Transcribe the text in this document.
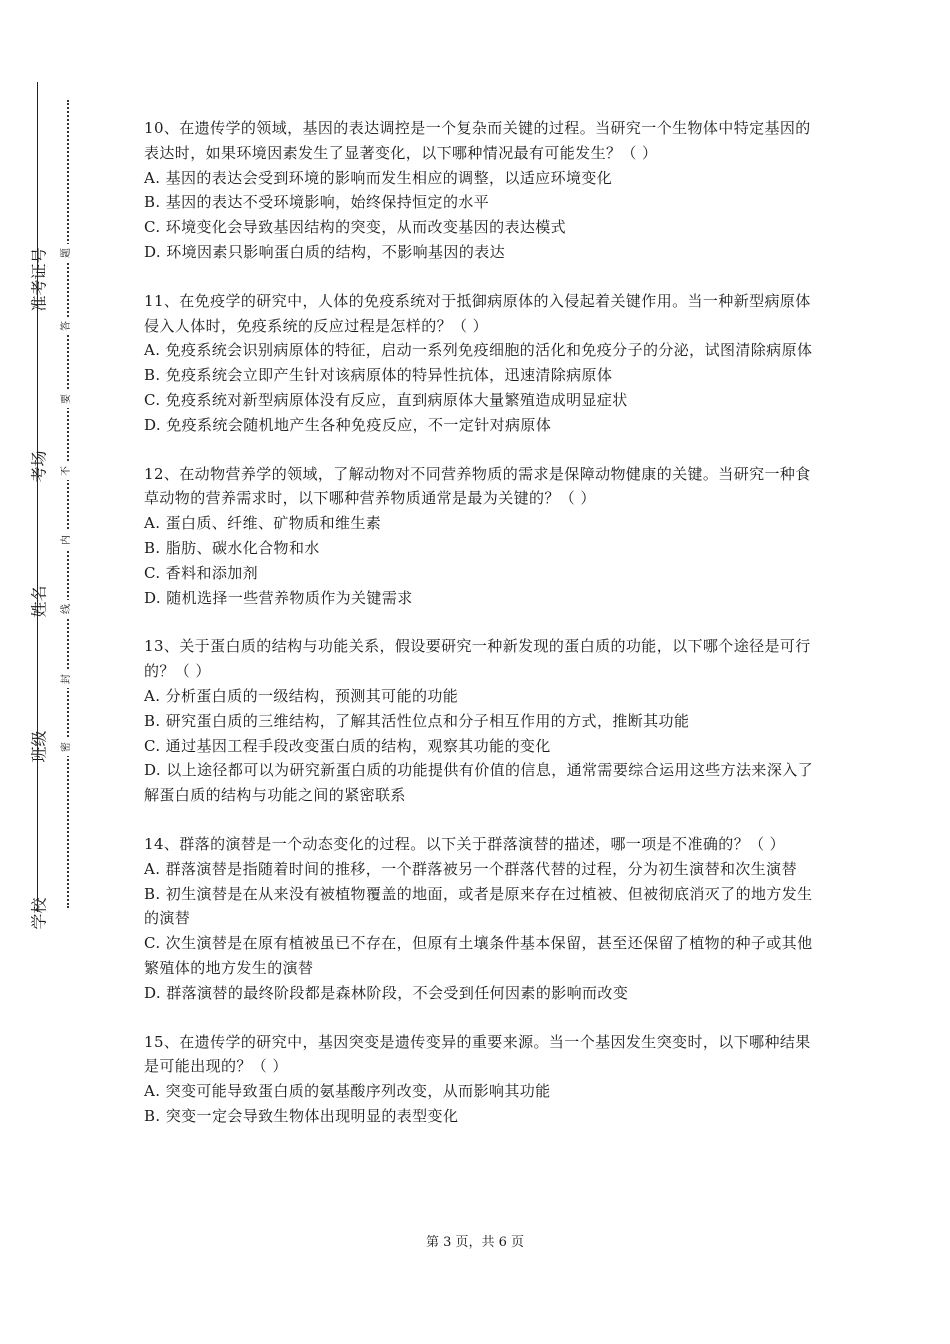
学校
班级
姓名
考场
准考证号
密
封
线
内
不
要
答
题

10、在遗传学的领域，基因的表达调控是一个复杂而关键的过程。当研究一个生物体中特定基因的表达时，如果环境因素发生了显著变化，以下哪种情况最有可能发生？（ ）

A. 基因的表达会受到环境的影响而发生相应的调整，以适应环境变化

B. 基因的表达不受环境影响，始终保持恒定的水平

C. 环境变化会导致基因结构的突变，从而改变基因的表达模式

D. 环境因素只影响蛋白质的结构，不影响基因的表达

11、在免疫学的研究中，人体的免疫系统对于抵御病原体的入侵起着关键作用。当一种新型病原体侵入人体时，免疫系统的反应过程是怎样的？（ ）

A. 免疫系统会识别病原体的特征，启动一系列免疫细胞的活化和免疫分子的分泌，试图清除病原体

B. 免疫系统会立即产生针对该病原体的特异性抗体，迅速清除病原体

C. 免疫系统对新型病原体没有反应，直到病原体大量繁殖造成明显症状

D. 免疫系统会随机地产生各种免疫反应，不一定针对病原体

12、在动物营养学的领域，了解动物对不同营养物质的需求是保障动物健康的关键。当研究一种食草动物的营养需求时，以下哪种营养物质通常是最为关键的？（ ）

A. 蛋白质、纤维、矿物质和维生素

B. 脂肪、碳水化合物和水

C. 香料和添加剂

D. 随机选择一些营养物质作为关键需求

13、关于蛋白质的结构与功能关系，假设要研究一种新发现的蛋白质的功能，以下哪个途径是可行的？（ ）

A. 分析蛋白质的一级结构，预测其可能的功能

B. 研究蛋白质的三维结构，了解其活性位点和分子相互作用的方式，推断其功能

C. 通过基因工程手段改变蛋白质的结构，观察其功能的变化

D. 以上途径都可以为研究新蛋白质的功能提供有价值的信息，通常需要综合运用这些方法来深入了解蛋白质的结构与功能之间的紧密联系

14、群落的演替是一个动态变化的过程。以下关于群落演替的描述，哪一项是不准确的？（ ）

A. 群落演替是指随着时间的推移，一个群落被另一个群落代替的过程，分为初生演替和次生演替

B. 初生演替是在从来没有被植物覆盖的地面，或者是原来存在过植被、但被彻底消灭了的地方发生的演替

C. 次生演替是在原有植被虽已不存在，但原有土壤条件基本保留，甚至还保留了植物的种子或其他繁殖体的地方发生的演替

D. 群落演替的最终阶段都是森林阶段，不会受到任何因素的影响而改变

15、在遗传学的研究中，基因突变是遗传变异的重要来源。当一个基因发生突变时，以下哪种结果是可能出现的？（ ）

A. 突变可能导致蛋白质的氨基酸序列改变，从而影响其功能

B. 突变一定会导致生物体出现明显的表型变化

第 3 页，共 6 页
